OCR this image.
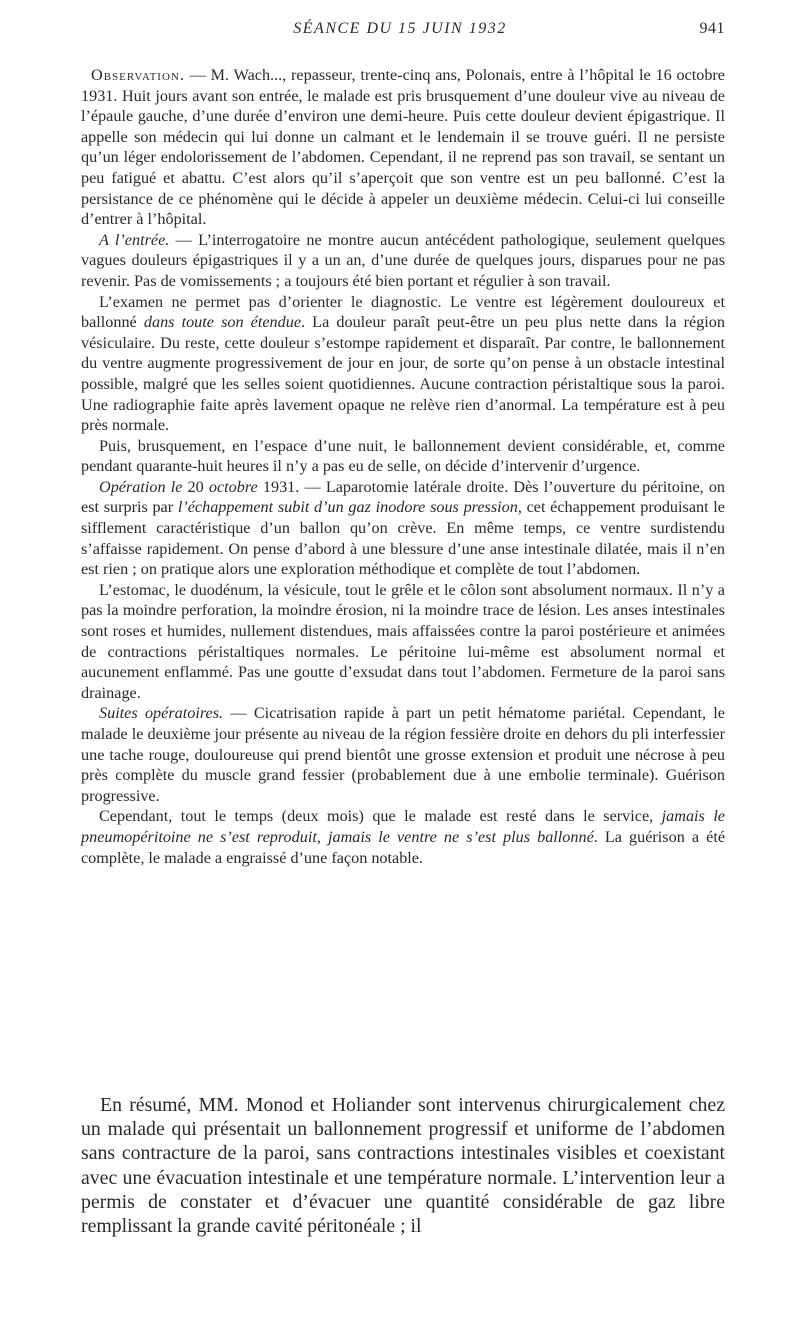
SÉANCE DU 15 JUIN 1932	941

Observation. — M. Wach..., repasseur, trente-cinq ans, Polonais, entre à l’hôpital le 16 octobre 1931. Huit jours avant son entrée, le malade est pris brusquement d’une douleur vive au niveau de l’épaule gauche, d’une durée d’environ une demi-heure. Puis cette douleur devient épigastrique. Il appelle son médecin qui lui donne un calmant et le lendemain il se trouve guéri. Il ne persiste qu’un léger endolorissement de l’abdomen. Cependant, il ne reprend pas son travail, se sentant un peu fatigué et abattu. C’est alors qu’il s’aperçoit que son ventre est un peu ballonné. C’est la persistance de ce phénomène qui le décide à appeler un deuxième médecin. Celui-ci lui conseille d’entrer à l’hôpital.

A l’entrée. — L’interrogatoire ne montre aucun antécédent pathologique, seulement quelques vagues douleurs épigastriques il y a un an, d’une durée de quelques jours, disparues pour ne pas revenir. Pas de vomissements ; a toujours été bien portant et régulier à son travail.

L’examen ne permet pas d’orienter le diagnostic. Le ventre est légèrement douloureux et ballonné dans toute son étendue. La douleur paraît peut-être un peu plus nette dans la région vésiculaire. Du reste, cette douleur s’estompe rapidement et disparaît. Par contre, le ballonnement du ventre augmente progressivement de jour en jour, de sorte qu’on pense à un obstacle intestinal possible, malgré que les selles soient quotidiennes. Aucune contraction péristaltique sous la paroi. Une radiographie faite après lavement opaque ne relève rien d’anormal. La température est à peu près normale.

Puis, brusquement, en l’espace d’une nuit, le ballonnement devient considérable, et, comme pendant quarante-huit heures il n’y a pas eu de selle, on décide d’intervenir d’urgence.

Opération le 20 octobre 1931. — Laparotomie latérale droite. Dès l’ouverture du péritoine, on est surpris par l’échappement subit d’un gaz inodore sous pression, cet échappement produisant le sifflement caractéristique d’un ballon qu’on crève. En même temps, ce ventre surdistendu s’affaisse rapidement. On pense d’abord à une blessure d’une anse intestinale dilatée, mais il n’en est rien ; on pratique alors une exploration méthodique et complète de tout l’abdomen.

L’estomac, le duodénum, la vésicule, tout le grêle et le côlon sont absolument normaux. Il n’y a pas la moindre perforation, la moindre érosion, ni la moindre trace de lésion. Les anses intestinales sont roses et humides, nullement distendues, mais affaissées contre la paroi postérieure et animées de contractions péristaltiques normales. Le péritoine lui-même est absolument normal et aucunement enflammé. Pas une goutte d’exsudat dans tout l’abdomen. Fermeture de la paroi sans drainage.

Suites opératoires. — Cicatrisation rapide à part un petit hématome pariétal. Cependant, le malade le deuxième jour présente au niveau de la région fessière droite en dehors du pli interfessier une tache rouge, douloureuse qui prend bientôt une grosse extension et produit une nécrose à peu près complète du muscle grand fessier (probablement due à une embolie terminale). Guérison progressive.

Cependant, tout le temps (deux mois) que le malade est resté dans le service, jamais le pneumopéritoine ne s’est reproduit, jamais le ventre ne s’est plus ballonné. La guérison a été complète, le malade a engraissé d’une façon notable.

En résumé, MM. Monod et Holiander sont intervenus chirurgicalement chez un malade qui présentait un ballonnement progressif et uniforme de l’abdomen sans contracture de la paroi, sans contractions intestinales visibles et coexistant avec une évacuation intestinale et une température normale. L’intervention leur a permis de constater et d’évacuer une quantité considérable de gaz libre remplissant la grande cavité péritonéale ; il
